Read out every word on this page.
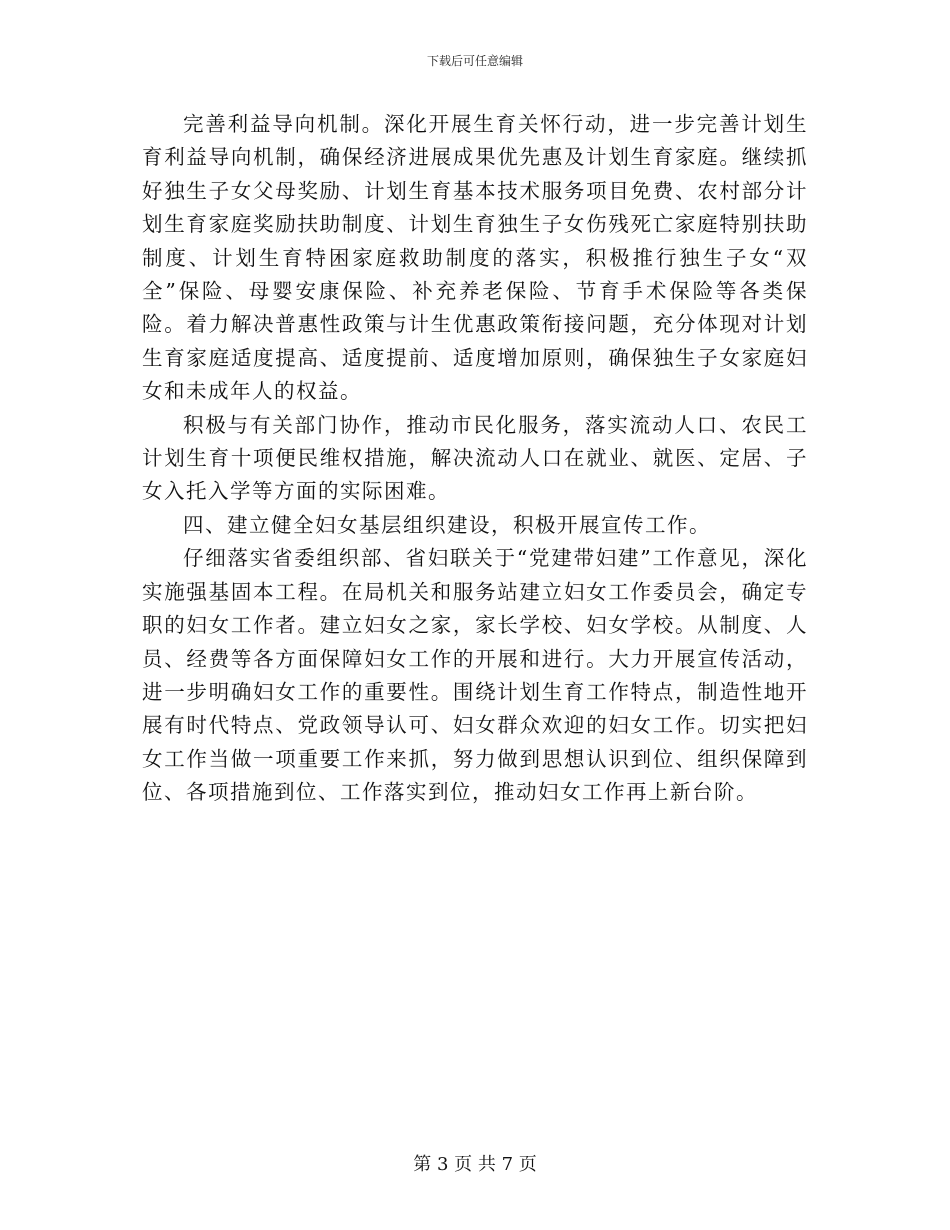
下载后可任意编辑

完善利益导向机制。深化开展生育关怀行动，进一步完善计划生育利益导向机制，确保经济进展成果优先惠及计划生育家庭。继续抓好独生子女父母奖励、计划生育基本技术服务项目免费、农村部分计划生育家庭奖励扶助制度、计划生育独生子女伤残死亡家庭特别扶助制度、计划生育特困家庭救助制度的落实，积极推行独生子女“双全”保险、母婴安康保险、补充养老保险、节育手术保险等各类保险。着力解决普惠性政策与计生优惠政策衔接问题，充分体现对计划生育家庭适度提高、适度提前、适度增加原则，确保独生子女家庭妇女和未成年人的权益。

积极与有关部门协作，推动市民化服务，落实流动人口、农民工计划生育十项便民维权措施，解决流动人口在就业、就医、定居、子女入托入学等方面的实际困难。

四、建立健全妇女基层组织建设，积极开展宣传工作。

仔细落实省委组织部、省妇联关于“党建带妇建”工作意见，深化实施强基固本工程。在局机关和服务站建立妇女工作委员会，确定专职的妇女工作者。建立妇女之家，家长学校、妇女学校。从制度、人员、经费等各方面保障妇女工作的开展和进行。大力开展宣传活动，进一步明确妇女工作的重要性。围绕计划生育工作特点，制造性地开展有时代特点、党政领导认可、妇女群众欢迎的妇女工作。切实把妇女工作当做一项重要工作来抓，努力做到思想认识到位、组织保障到位、各项措施到位、工作落实到位，推动妇女工作再上新台阶。

第 3 页 共 7 页
